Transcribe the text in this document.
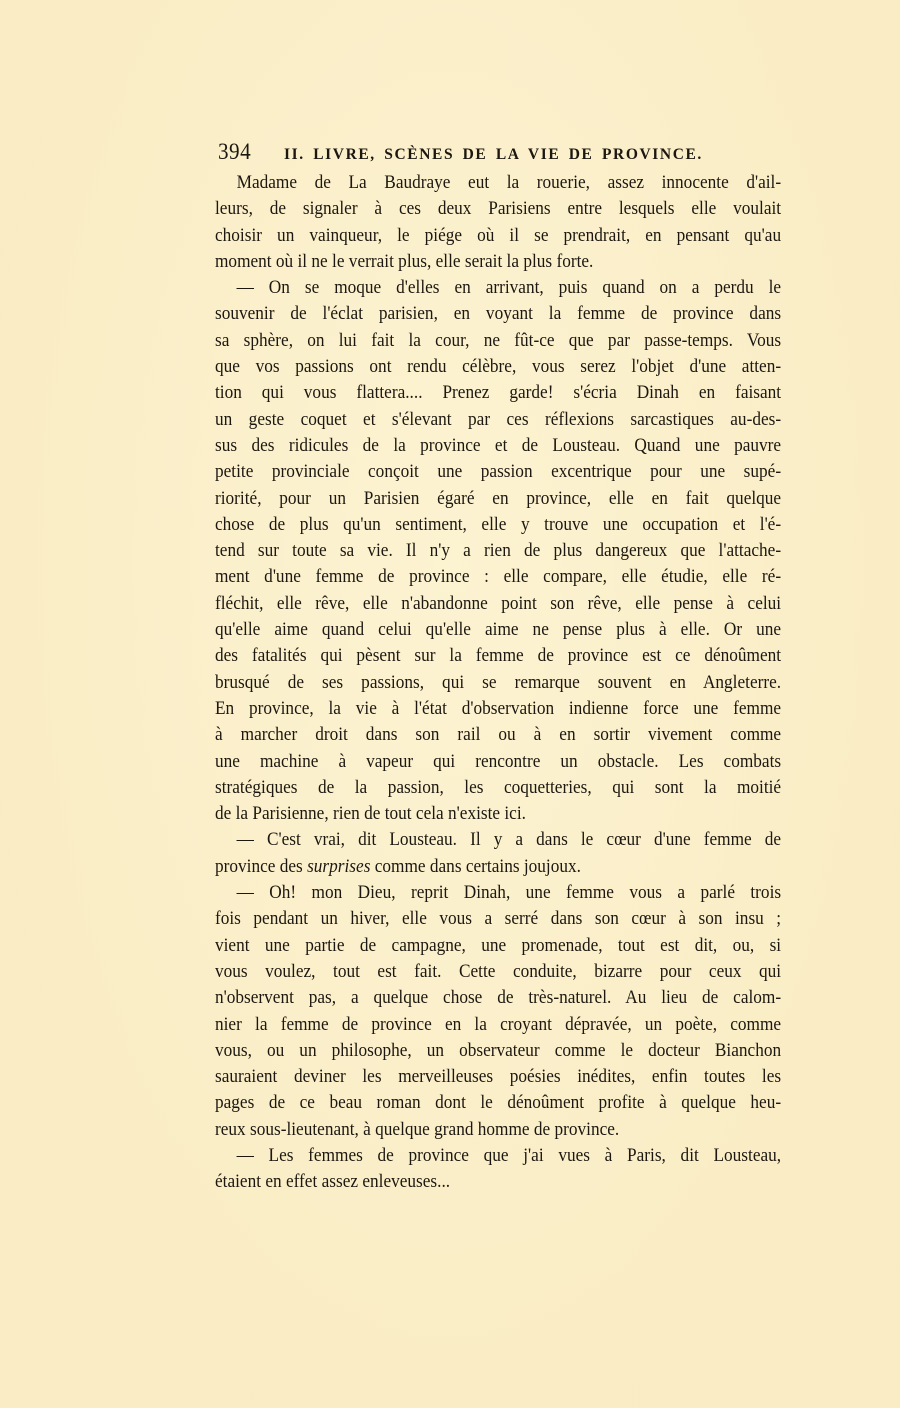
394 II. LIVRE, SCÈNES DE LA VIE DE PROVINCE.
Madame de La Baudraye eut la rouerie, assez innocente d'ail-
leurs, de signaler à ces deux Parisiens entre lesquels elle voulait
choisir un vainqueur, le piége où il se prendrait, en pensant qu'au
moment où il ne le verrait plus, elle serait la plus forte.
— On se moque d'elles en arrivant, puis quand on a perdu le
souvenir de l'éclat parisien, en voyant la femme de province dans
sa sphère, on lui fait la cour, ne fût-ce que par passe-temps. Vous
que vos passions ont rendu célèbre, vous serez l'objet d'une atten-
tion qui vous flattera.... Prenez garde! s'écria Dinah en faisant
un geste coquet et s'élevant par ces réflexions sarcastiques au-des-
sus des ridicules de la province et de Lousteau. Quand une pauvre
petite provinciale conçoit une passion excentrique pour une supé-
riorité, pour un Parisien égaré en province, elle en fait quelque
chose de plus qu'un sentiment, elle y trouve une occupation et l'é-
tend sur toute sa vie. Il n'y a rien de plus dangereux que l'attache-
ment d'une femme de province : elle compare, elle étudie, elle ré-
fléchit, elle rêve, elle n'abandonne point son rêve, elle pense à celui
qu'elle aime quand celui qu'elle aime ne pense plus à elle. Or une
des fatalités qui pèsent sur la femme de province est ce dénoûment
brusqué de ses passions, qui se remarque souvent en Angleterre.
En province, la vie à l'état d'observation indienne force une femme
à marcher droit dans son rail ou à en sortir vivement comme
une machine à vapeur qui rencontre un obstacle. Les combats
stratégiques de la passion, les coquetteries, qui sont la moitié
de la Parisienne, rien de tout cela n'existe ici.
— C'est vrai, dit Lousteau. Il y a dans le cœur d'une femme de
province des surprises comme dans certains joujoux.
— Oh! mon Dieu, reprit Dinah, une femme vous a parlé trois
fois pendant un hiver, elle vous a serré dans son cœur à son insu ;
vient une partie de campagne, une promenade, tout est dit, ou, si
vous voulez, tout est fait. Cette conduite, bizarre pour ceux qui
n'observent pas, a quelque chose de très-naturel. Au lieu de calom-
nier la femme de province en la croyant dépravée, un poète, comme
vous, ou un philosophe, un observateur comme le docteur Bianchon
sauraient deviner les merveilleuses poésies inédites, enfin toutes les
pages de ce beau roman dont le dénoûment profite à quelque heu-
reux sous-lieutenant, à quelque grand homme de province.
— Les femmes de province que j'ai vues à Paris, dit Lousteau,
étaient en effet assez enleveuses...
